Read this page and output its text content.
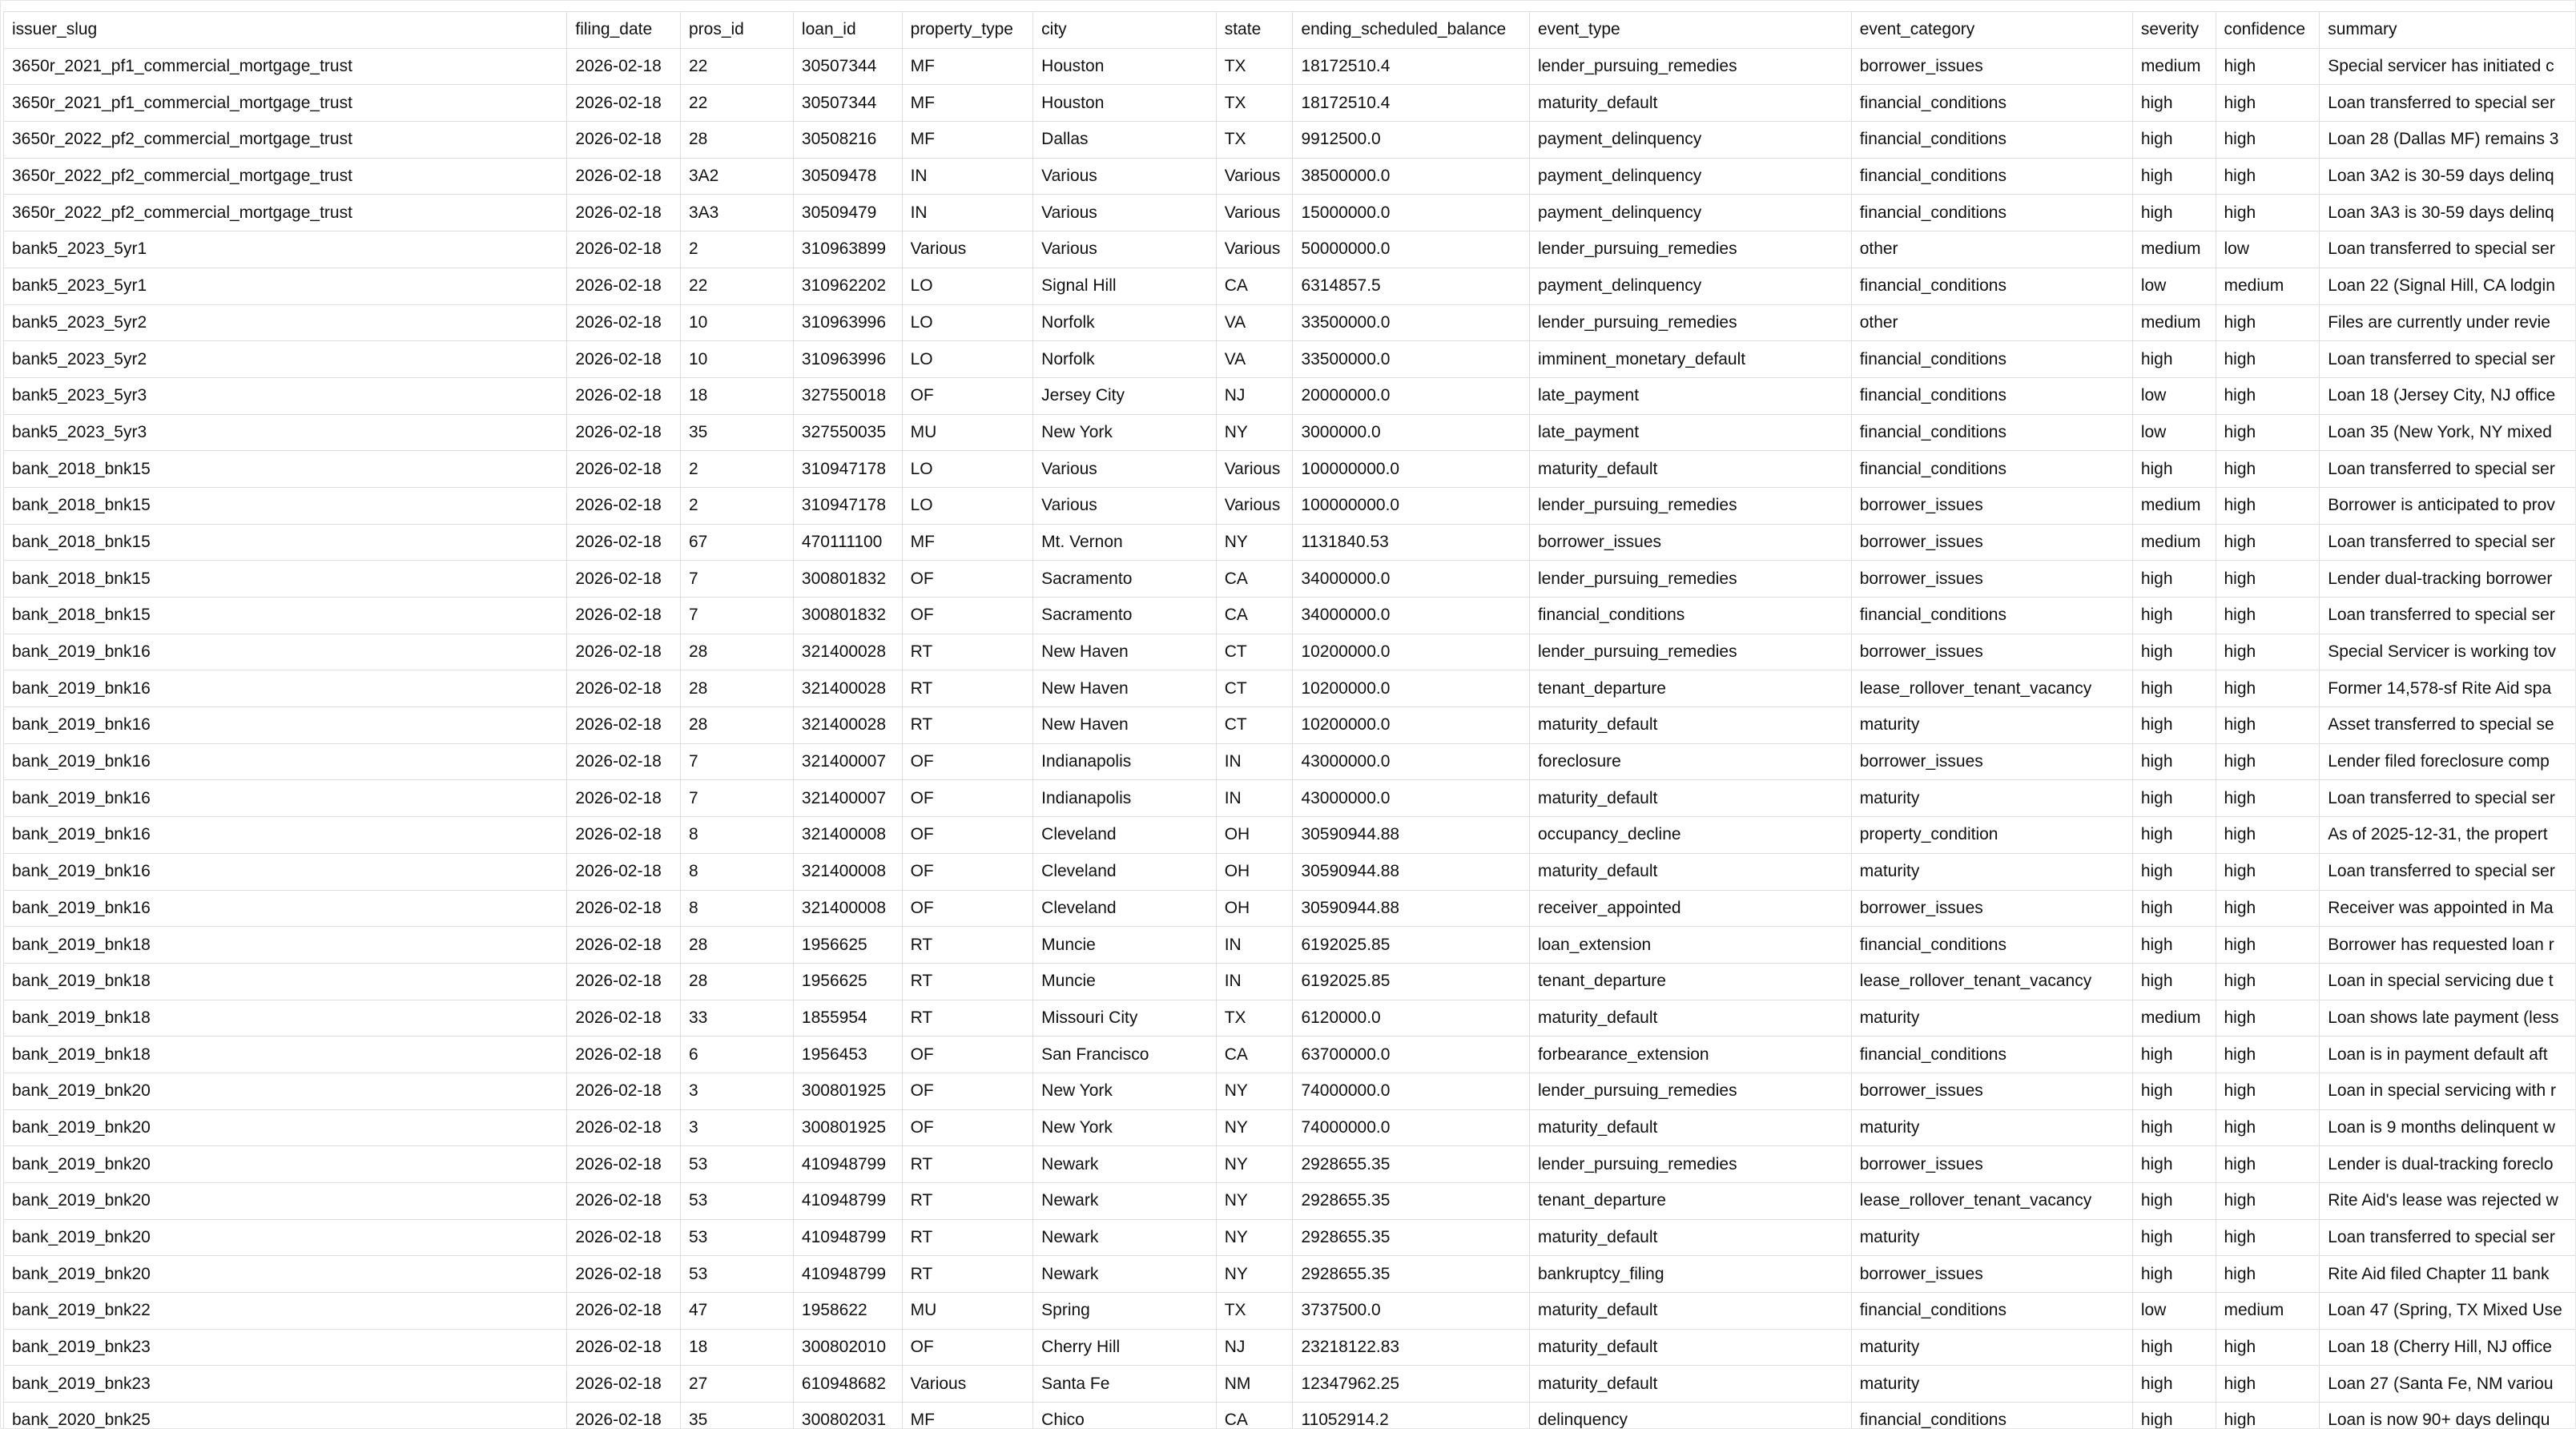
issuer_slug	filing_date	pros_id	loan_id	property_type	city	state	ending_scheduled_balance	event_type	event_category	severity	confidence	summary
3650r_2021_pf1_commercial_mortgage_trust	2026-02-18	22	30507344	MF	Houston	TX	18172510.4	lender_pursuing_remedies	borrower_issues	medium	high	Special servicer has initiated c
3650r_2021_pf1_commercial_mortgage_trust	2026-02-18	22	30507344	MF	Houston	TX	18172510.4	maturity_default	financial_conditions	high	high	Loan transferred to special ser
3650r_2022_pf2_commercial_mortgage_trust	2026-02-18	28	30508216	MF	Dallas	TX	9912500.0	payment_delinquency	financial_conditions	high	high	Loan 28 (Dallas MF) remains 3
3650r_2022_pf2_commercial_mortgage_trust	2026-02-18	3A2	30509478	IN	Various	Various	38500000.0	payment_delinquency	financial_conditions	high	high	Loan 3A2 is 30-59 days delinq
3650r_2022_pf2_commercial_mortgage_trust	2026-02-18	3A3	30509479	IN	Various	Various	15000000.0	payment_delinquency	financial_conditions	high	high	Loan 3A3 is 30-59 days delinq
bank5_2023_5yr1	2026-02-18	2	310963899	Various	Various	Various	50000000.0	lender_pursuing_remedies	other	medium	low	Loan transferred to special ser
bank5_2023_5yr1	2026-02-18	22	310962202	LO	Signal Hill	CA	6314857.5	payment_delinquency	financial_conditions	low	medium	Loan 22 (Signal Hill, CA lodgin
bank5_2023_5yr2	2026-02-18	10	310963996	LO	Norfolk	VA	33500000.0	lender_pursuing_remedies	other	medium	high	Files are currently under revie
bank5_2023_5yr2	2026-02-18	10	310963996	LO	Norfolk	VA	33500000.0	imminent_monetary_default	financial_conditions	high	high	Loan transferred to special ser
bank5_2023_5yr3	2026-02-18	18	327550018	OF	Jersey City	NJ	20000000.0	late_payment	financial_conditions	low	high	Loan 18 (Jersey City, NJ office
bank5_2023_5yr3	2026-02-18	35	327550035	MU	New York	NY	3000000.0	late_payment	financial_conditions	low	high	Loan 35 (New York, NY mixed
bank_2018_bnk15	2026-02-18	2	310947178	LO	Various	Various	100000000.0	maturity_default	financial_conditions	high	high	Loan transferred to special ser
bank_2018_bnk15	2026-02-18	2	310947178	LO	Various	Various	100000000.0	lender_pursuing_remedies	borrower_issues	medium	high	Borrower is anticipated to prov
bank_2018_bnk15	2026-02-18	67	470111100	MF	Mt. Vernon	NY	1131840.53	borrower_issues	borrower_issues	medium	high	Loan transferred to special ser
bank_2018_bnk15	2026-02-18	7	300801832	OF	Sacramento	CA	34000000.0	lender_pursuing_remedies	borrower_issues	high	high	Lender dual-tracking borrower
bank_2018_bnk15	2026-02-18	7	300801832	OF	Sacramento	CA	34000000.0	financial_conditions	financial_conditions	high	high	Loan transferred to special ser
bank_2019_bnk16	2026-02-18	28	321400028	RT	New Haven	CT	10200000.0	lender_pursuing_remedies	borrower_issues	high	high	Special Servicer is working tov
bank_2019_bnk16	2026-02-18	28	321400028	RT	New Haven	CT	10200000.0	tenant_departure	lease_rollover_tenant_vacancy	high	high	Former 14,578-sf Rite Aid spa
bank_2019_bnk16	2026-02-18	28	321400028	RT	New Haven	CT	10200000.0	maturity_default	maturity	high	high	Asset transferred to special se
bank_2019_bnk16	2026-02-18	7	321400007	OF	Indianapolis	IN	43000000.0	foreclosure	borrower_issues	high	high	Lender filed foreclosure comp
bank_2019_bnk16	2026-02-18	7	321400007	OF	Indianapolis	IN	43000000.0	maturity_default	maturity	high	high	Loan transferred to special ser
bank_2019_bnk16	2026-02-18	8	321400008	OF	Cleveland	OH	30590944.88	occupancy_decline	property_condition	high	high	As of 2025-12-31, the propert
bank_2019_bnk16	2026-02-18	8	321400008	OF	Cleveland	OH	30590944.88	maturity_default	maturity	high	high	Loan transferred to special ser
bank_2019_bnk16	2026-02-18	8	321400008	OF	Cleveland	OH	30590944.88	receiver_appointed	borrower_issues	high	high	Receiver was appointed in Ma
bank_2019_bnk18	2026-02-18	28	1956625	RT	Muncie	IN	6192025.85	loan_extension	financial_conditions	high	high	Borrower has requested loan r
bank_2019_bnk18	2026-02-18	28	1956625	RT	Muncie	IN	6192025.85	tenant_departure	lease_rollover_tenant_vacancy	high	high	Loan in special servicing due t
bank_2019_bnk18	2026-02-18	33	1855954	RT	Missouri City	TX	6120000.0	maturity_default	maturity	medium	high	Loan shows late payment (less
bank_2019_bnk18	2026-02-18	6	1956453	OF	San Francisco	CA	63700000.0	forbearance_extension	financial_conditions	high	high	Loan is in payment default aft
bank_2019_bnk20	2026-02-18	3	300801925	OF	New York	NY	74000000.0	lender_pursuing_remedies	borrower_issues	high	high	Loan in special servicing with r
bank_2019_bnk20	2026-02-18	3	300801925	OF	New York	NY	74000000.0	maturity_default	maturity	high	high	Loan is 9 months delinquent w
bank_2019_bnk20	2026-02-18	53	410948799	RT	Newark	NY	2928655.35	lender_pursuing_remedies	borrower_issues	high	high	Lender is dual-tracking foreclo
bank_2019_bnk20	2026-02-18	53	410948799	RT	Newark	NY	2928655.35	tenant_departure	lease_rollover_tenant_vacancy	high	high	Rite Aid's lease was rejected w
bank_2019_bnk20	2026-02-18	53	410948799	RT	Newark	NY	2928655.35	maturity_default	maturity	high	high	Loan transferred to special ser
bank_2019_bnk20	2026-02-18	53	410948799	RT	Newark	NY	2928655.35	bankruptcy_filing	borrower_issues	high	high	Rite Aid filed Chapter 11 bank
bank_2019_bnk22	2026-02-18	47	1958622	MU	Spring	TX	3737500.0	maturity_default	financial_conditions	low	medium	Loan 47 (Spring, TX Mixed Use
bank_2019_bnk23	2026-02-18	18	300802010	OF	Cherry Hill	NJ	23218122.83	maturity_default	maturity	high	high	Loan 18 (Cherry Hill, NJ office
bank_2019_bnk23	2026-02-18	27	610948682	Various	Santa Fe	NM	12347962.25	maturity_default	maturity	high	high	Loan 27 (Santa Fe, NM variou
bank_2020_bnk25	2026-02-18	35	300802031	MF	Chico	CA	11052914.2	delinquency	financial_conditions	high	high	Loan is now 90+ days delinqu
